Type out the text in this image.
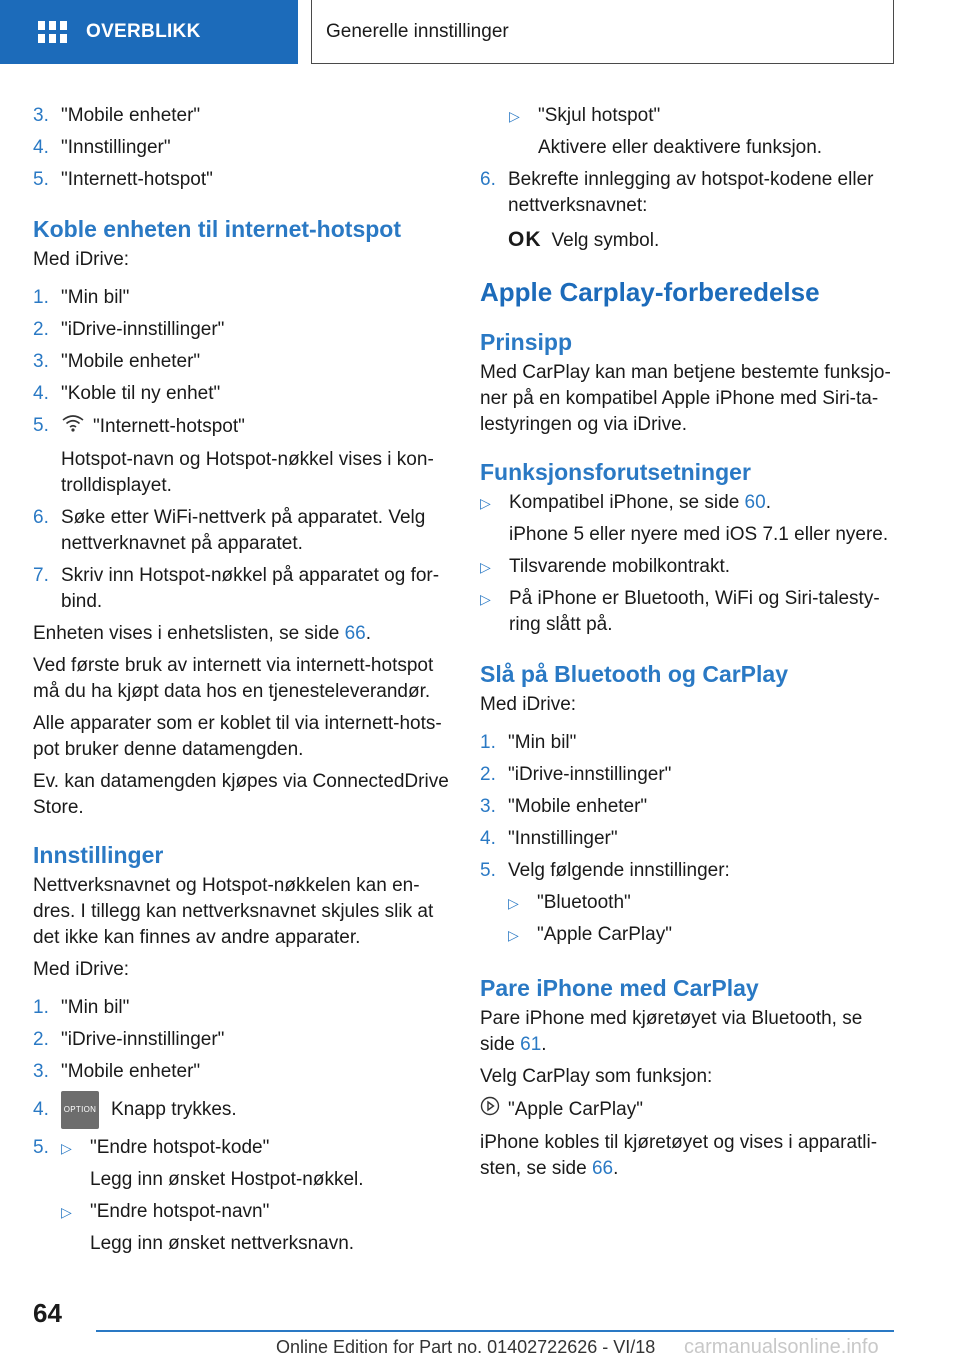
OVERBLIKK	Generelle innstillinger
3. "Mobile enheter"
4. "Innstillinger"
5. "Internett-hotspot"
Koble enheten til internet-hotspot

Med iDrive:

1. "Min bil"
2. "iDrive-innstillinger"
3. "Mobile enheter"
4. "Koble til ny enhet"
5.	"Internett-hotspot"
Hotspot-navn og Hotspot-nøkkel vises i kon-trolldisplayet.
6. Søke etter WiFi-nettverk på apparatet. Velg nettverknavnet på apparatet.
7. Skriv inn Hotspot-nøkkel på apparatet og for-bind.

Enheten vises i enhetslisten, se side 66.

Ved første bruk av internett via internett-hotspot må du ha kjøpt data hos en tjenesteleverandør.

Alle apparater som er koblet til via internett-hots-pot bruker denne datamengden.

Ev. kan datamengden kjøpes via ConnectedDrive Store.

Innstillinger

Nettverksnavnet og Hotspot-nøkkelen kan en-dres. I tillegg kan nettverksnavnet skjules slik at det ikke kan finnes av andre apparater.

Med iDrive:

1. "Min bil"
2. "iDrive-innstillinger"
3. "Mobile enheter"
4.	OPTION Knapp trykkes.
5. ▷ "Endre hotspot-kode"
Legg inn ønsket Hostpot-nøkkel.
▷ "Endre hotspot-navn"
Legg inn ønsket nettverksnavn.
▷ "Skjul hotspot"
Aktivere eller deaktivere funksjon.
6. Bekrefte innlegging av hotspot-kodene eller nettverksnavnet:
OK Velg symbol.
Apple Carplay-forberedelse
Prinsipp

Med CarPlay kan man betjene bestemte funksjo-ner på en kompatibel Apple iPhone med Siri-ta-lestyringen og via iDrive.

Funksjonsforutsetninger
▷ Kompatibel iPhone, se side 60.
iPhone 5 eller nyere med iOS 7.1 eller nyere.
▷ Tilsvarende mobilkontrakt.
▷ På iPhone er Bluetooth, WiFi og Siri-talesty-ring slått på.
Slå på Bluetooth og CarPlay

Med iDrive:

1. "Min bil"
2. "iDrive-innstillinger"
3. "Mobile enheter"
4. "Innstillinger"
5. Velg følgende innstillinger:
▷ "Bluetooth"
▷ "Apple CarPlay"
Pare iPhone med CarPlay

Pare iPhone med kjøretøyet via Bluetooth, se side 61.

Velg CarPlay som funksjon:

"Apple CarPlay"

iPhone kobles til kjøretøyet og vises i apparatli-sten, se side 66.

64
Online Edition for Part no. 01402722626 - VI/18 carmanualsonline.info
